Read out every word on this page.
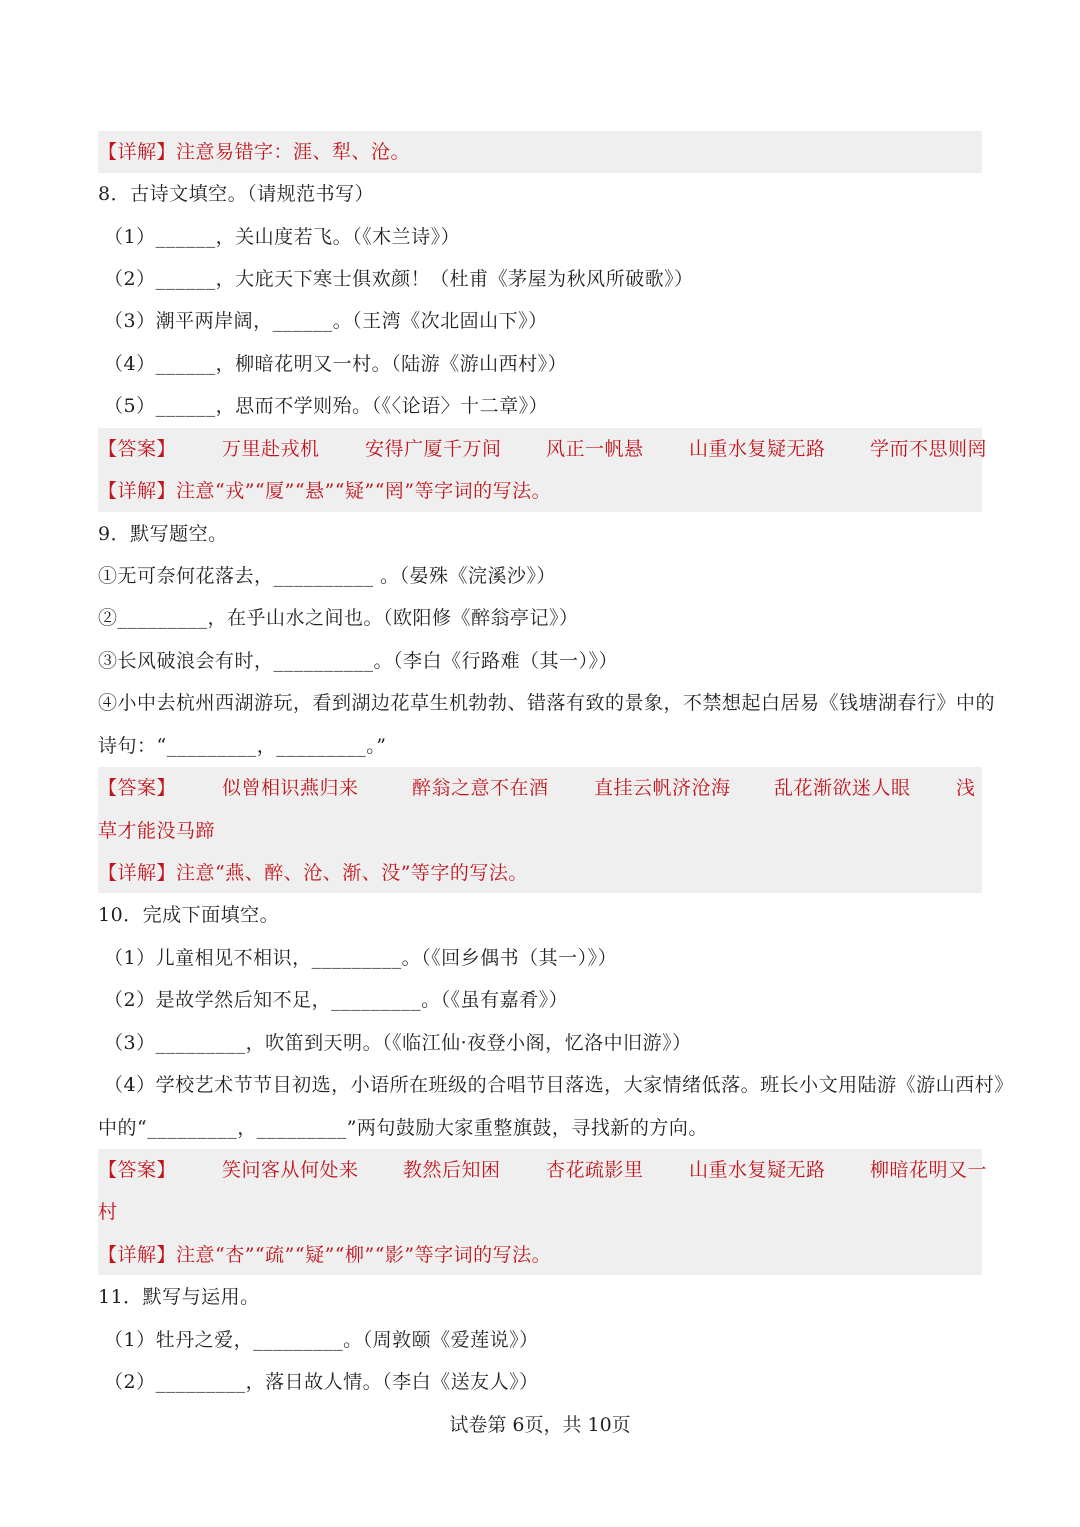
【详解】注意易错字：涯、犁、沧。
8．古诗文填空。（请规范书写）
（1）______，关山度若飞。（《木兰诗》）
（2）______，大庇天下寒士俱欢颜！（杜甫《茅屋为秋风所破歌》）
（3）潮平两岸阔，______。（王湾《次北固山下》）
（4）______，柳暗花明又一村。（陆游《游山西村》）
（5）______，思而不学则殆。（《〈论语〉十二章》）
【答案】	万里赴戎机	安得广厦千万间	风正一帆悬	山重水复疑无路	学而不思则罔
【详解】注意“戎”“厦”“悬”“疑”“罔”等字词的写法。
9．默写题空。
①无可奈何花落去，__________ 。（晏殊《浣溪沙》）
②_________，在乎山水之间也。（欧阳修《醉翁亭记》）
③长风破浪会有时，__________。（李白《行路难（其一）》）
④小中去杭州西湖游玩，看到湖边花草生机勃勃、错落有致的景象，不禁想起白居易《钱塘湖春行》中的
诗句：“_________，_________。”
【答案】	似曾相识燕归来	醉翁之意不在酒	直挂云帆济沧海	乱花渐欲迷人眼	浅
草才能没马蹄
【详解】注意“燕、醉、沧、渐、没”等字的写法。
10．完成下面填空。
（1）儿童相见不相识，_________。（《回乡偶书（其一）》）
（2）是故学然后知不足，_________。（《虽有嘉肴》）
（3）_________，吹笛到天明。（《临江仙·夜登小阁，忆洛中旧游》）
（4）学校艺术节节目初选，小语所在班级的合唱节目落选，大家情绪低落。班长小文用陆游《游山西村》
中的“_________，_________”两句鼓励大家重整旗鼓，寻找新的方向。
【答案】	笑问客从何处来	教然后知困	杏花疏影里	山重水复疑无路	柳暗花明又一
村
【详解】注意“杏”“疏”“疑”“柳”“影”等字词的写法。
11．默写与运用。
（1）牡丹之爱，_________。（周敦颐《爱莲说》）
（2）_________，落日故人情。（李白《送友人》）
试卷第 6页，共 10页
